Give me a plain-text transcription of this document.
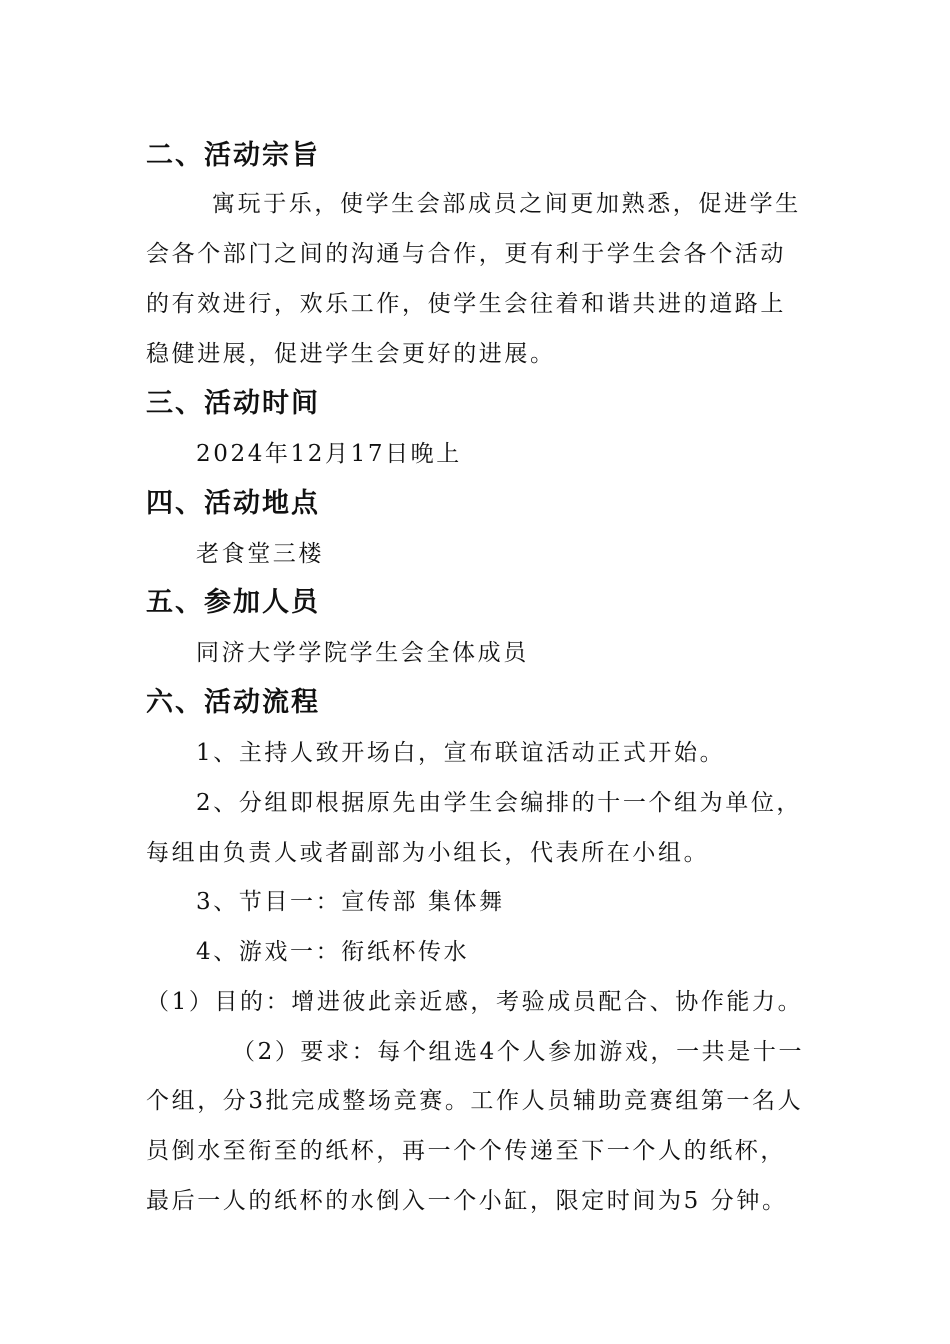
二、活动宗旨
寓玩于乐，使学生会部成员之间更加熟悉，促进学生
会各个部门之间的沟通与合作，更有利于学生会各个活动
的有效进行，欢乐工作，使学生会往着和谐共进的道路上
稳健进展，促进学生会更好的进展。
三、活动时间
2024年12月17日晚上
四、活动地点
老食堂三楼
五、参加人员
同济大学学院学生会全体成员
六、活动流程
1、主持人致开场白，宣布联谊活动正式开始。
2、分组即根据原先由学生会编排的十一个组为单位，
每组由负责人或者副部为小组长，代表所在小组。
3、节目一：宣传部 集体舞
4、游戏一：衔纸杯传水
（1）目的：增进彼此亲近感，考验成员配合、协作能力。
（2）要求：每个组选4个人参加游戏，一共是十一
个组，分3批完成整场竞赛。工作人员辅助竞赛组第一名人
员倒水至衔至的纸杯，再一个个传递至下一个人的纸杯，
最后一人的纸杯的水倒入一个小缸，限定时间为5 分钟。
